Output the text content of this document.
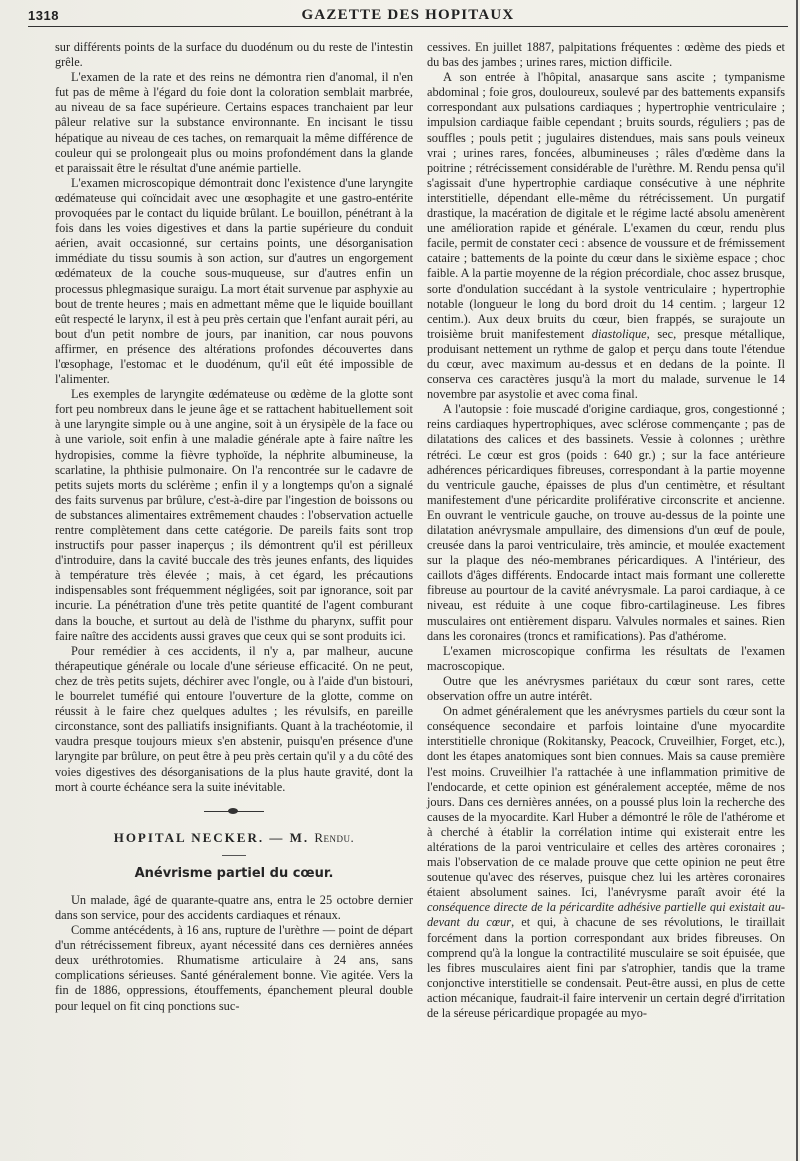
1318	GAZETTE DES HOPITAUX

sur différents points de la surface du duodénum ou du reste de l'intestin grêle.

L'examen de la rate et des reins ne démontra rien d'anomal, il n'en fut pas de même à l'égard du foie dont la coloration semblait marbrée, au niveau de sa face supérieure. Certains espaces tranchaient par leur pâleur relative sur la substance environnante. En incisant le tissu hépatique au niveau de ces taches, on remarquait la même différence de couleur qui se prolongeait plus ou moins profondément dans la glande et paraissait être le résultat d'une anémie partielle.

L'examen microscopique démontrait donc l'existence d'une laryngite œdémateuse qui coïncidait avec une œsophagite et une gastro-entérite provoquées par le contact du liquide brûlant. Le bouillon, pénétrant à la fois dans les voies digestives et dans la partie supérieure du conduit aérien, avait occasionné, sur certains points, une désorganisation immédiate du tissu soumis à son action, sur d'autres un engorgement œdémateux de la couche sous-muqueuse, sur d'autres enfin un processus phlegmasique suraigu. La mort était survenue par asphyxie au bout de trente heures ; mais en admettant même que le liquide bouillant eût respecté le larynx, il est à peu près certain que l'enfant aurait péri, au bout d'un petit nombre de jours, par inanition, car nous pouvons affirmer, en présence des altérations profondes découvertes dans l'œsophage, l'estomac et le duodénum, qu'il eût été impossible de l'alimenter.

Les exemples de laryngite œdémateuse ou œdème de la glotte sont fort peu nombreux dans le jeune âge et se rattachent habituellement soit à une laryngite simple ou à une angine, soit à un érysipèle de la face ou à une variole, soit enfin à une maladie générale apte à faire naître les hydropisies, comme la fièvre typhoïde, la néphrite albumineuse, la scarlatine, la phthisie pulmonaire. On l'a rencontrée sur le cadavre de petits sujets morts du sclérème ; enfin il y a longtemps qu'on a signalé des faits survenus par brûlure, c'est-à-dire par l'ingestion de boissons ou de substances alimentaires extrêmement chaudes : l'observation actuelle rentre complètement dans cette catégorie. De pareils faits sont trop instructifs pour passer inaperçus ; ils démontrent qu'il est périlleux d'introduire, dans la cavité buccale des très jeunes enfants, des liquides à température très élevée ; mais, à cet égard, les précautions indispensables sont fréquemment négligées, soit par ignorance, soit par incurie. La pénétration d'une très petite quantité de l'agent comburant dans la bouche, et surtout au delà de l'isthme du pharynx, suffit pour faire naître des accidents aussi graves que ceux qui se sont produits ici.

Pour remédier à ces accidents, il n'y a, par malheur, aucune thérapeutique générale ou locale d'une sérieuse efficacité. On ne peut, chez de très petits sujets, déchirer avec l'ongle, ou à l'aide d'un bistouri, le bourrelet tuméfié qui entoure l'ouverture de la glotte, comme on réussit à le faire chez quelques adultes ; les révulsifs, en pareille circonstance, sont des palliatifs insignifiants. Quant à la trachéotomie, il vaudra presque toujours mieux s'en abstenir, puisqu'en présence d'une laryngite par brûlure, on peut être à peu près certain qu'il y a du côté des voies digestives des désorganisations de la plus haute gravité, dont la mort à courte échéance sera la suite inévitable.

HOPITAL NECKER. — M. Rendu.
Anévrisme partiel du cœur.

Un malade, âgé de quarante-quatre ans, entra le 25 octobre dernier dans son service, pour des accidents cardiaques et rénaux.

Comme antécédents, à 16 ans, rupture de l'urèthre — point de départ d'un rétrécissement fibreux, ayant nécessité dans ces dernières années deux uréthrotomies. Rhumatisme articulaire à 24 ans, sans complications sérieuses. Santé généralement bonne. Vie agitée. Vers la fin de 1886, oppressions, étouffements, épanchement pleural double pour lequel on fit cinq ponctions suc-

cessives. En juillet 1887, palpitations fréquentes : œdème des pieds et du bas des jambes ; urines rares, miction difficile.

A son entrée à l'hôpital, anasarque sans ascite ; tympanisme abdominal ; foie gros, douloureux, soulevé par des battements expansifs correspondant aux pulsations cardiaques ; hypertrophie ventriculaire ; impulsion cardiaque faible cependant ; bruits sourds, réguliers ; pas de souffles ; pouls petit ; jugulaires distendues, mais sans pouls veineux vrai ; urines rares, foncées, albumineuses ; râles d'œdème dans la poitrine ; rétrécissement considérable de l'urèthre. M. Rendu pensa qu'il s'agissait d'une hypertrophie cardiaque consécutive à une néphrite interstitielle, dépendant elle-même du rétrécissement. Un purgatif drastique, la macération de digitale et le régime lacté absolu amenèrent une amélioration rapide et générale. L'examen du cœur, rendu plus facile, permit de constater ceci : absence de voussure et de frémissement cataire ; battements de la pointe du cœur dans le sixième espace ; choc faible. A la partie moyenne de la région précordiale, choc assez brusque, sorte d'ondulation succédant à la systole ventriculaire ; hypertrophie notable (longueur le long du bord droit du 14 centim. ; largeur 12 centim.). Aux deux bruits du cœur, bien frappés, se surajoute un troisième bruit manifestement diastolique, sec, presque métallique, produisant nettement un rythme de galop et perçu dans toute l'étendue du cœur, avec maximum au-dessus et en dedans de la pointe. Il conserva ces caractères jusqu'à la mort du malade, survenue le 14 novembre par asystolie et avec coma final.

A l'autopsie : foie muscadé d'origine cardiaque, gros, congestionné ; reins cardiaques hypertrophiques, avec sclérose commençante ; pas de dilatations des calices et des bassinets. Vessie à colonnes ; urèthre rétréci. Le cœur est gros (poids : 640 gr.) ; sur la face antérieure adhérences péricardiques fibreuses, correspondant à la partie moyenne du ventricule gauche, épaisses de plus d'un centimètre, et résultant manifestement d'une péricardite proliférative circonscrite et ancienne. En ouvrant le ventricule gauche, on trouve au-dessus de la pointe une dilatation anévrysmale ampullaire, des dimensions d'un œuf de poule, creusée dans la paroi ventriculaire, très amincie, et moulée exactement sur la plaque des néo-membranes péricardiques. A l'intérieur, des caillots d'âges différents. Endocarde intact mais formant une collerette fibreuse au pourtour de la cavité anévrysmale. La paroi cardiaque, à ce niveau, est réduite à une coque fibro-cartilagineuse. Les fibres musculaires ont entièrement disparu. Valvules normales et saines. Rien dans les coronaires (troncs et ramifications). Pas d'athérome.

L'examen microscopique confirma les résultats de l'examen macroscopique.

Outre que les anévrysmes pariétaux du cœur sont rares, cette observation offre un autre intérêt.

On admet généralement que les anévrysmes partiels du cœur sont la conséquence secondaire et parfois lointaine d'une myocardite interstitielle chronique (Rokitansky, Peacock, Cruveilhier, Forget, etc.), dont les étapes anatomiques sont bien connues. Mais sa cause première l'est moins. Cruveilhier l'a rattachée à une inflammation primitive de l'endocarde, et cette opinion est généralement acceptée, même de nos jours. Dans ces dernières années, on a poussé plus loin la recherche des causes de la myocardite. Karl Huber a démontré le rôle de l'athérome et à cherché à établir la corrélation intime qui existerait entre les altérations de la paroi ventriculaire et celles des artères coronaires ; mais l'observation de ce malade prouve que cette opinion ne peut être soutenue qu'avec des réserves, puisque chez lui les artères coronaires étaient absolument saines. Ici, l'anévrysme paraît avoir été la conséquence directe de la péricardite adhésive partielle qui existait au-devant du cœur, et qui, à chacune de ses révolutions, le tiraillait forcément dans la portion correspondant aux brides fibreuses. On comprend qu'à la longue la contractilité musculaire se soit épuisée, que les fibres musculaires aient fini par s'atrophier, tandis que la trame conjonctive interstitielle se condensait. Peut-être aussi, en plus de cette action mécanique, faudrait-il faire intervenir un certain degré d'irritation de la séreuse péricardique propagée au myo-
